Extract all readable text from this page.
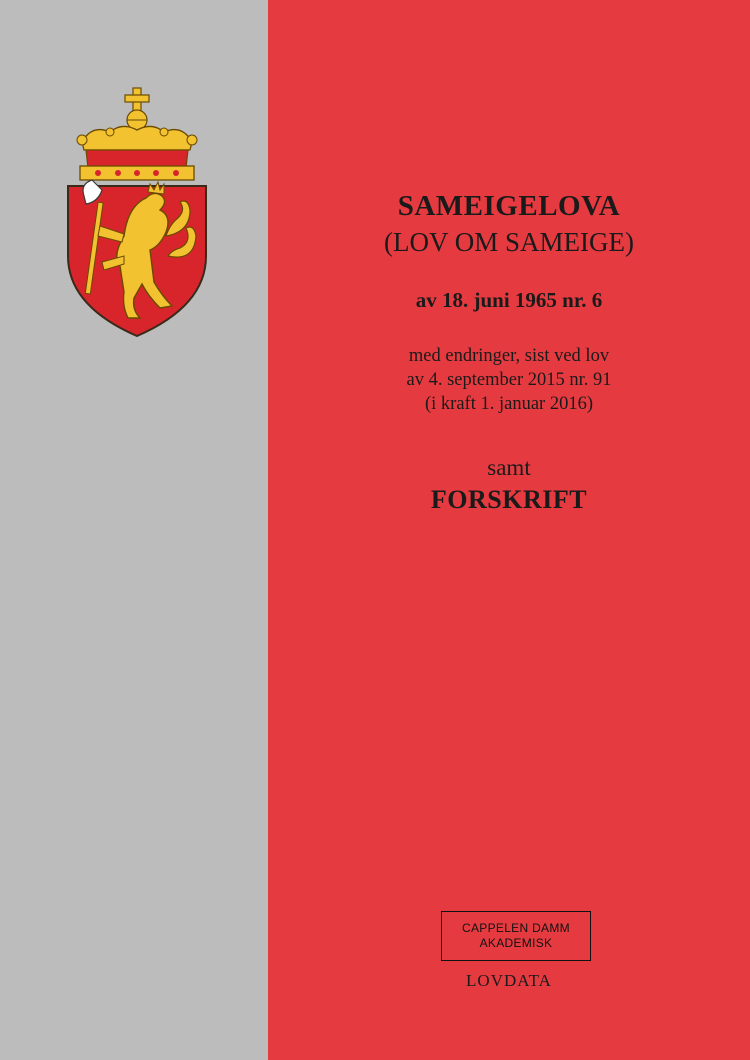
SAMEIGELOVA
(LOV OM SAMEIGE)
av 18. juni 1965 nr. 6
med endringer, sist ved lov
av 4. september 2015 nr. 91
(i kraft 1. januar 2016)
samt
FORSKRIFT
CAPPELEN DAMM
AKADEMISK
LOVDATA
